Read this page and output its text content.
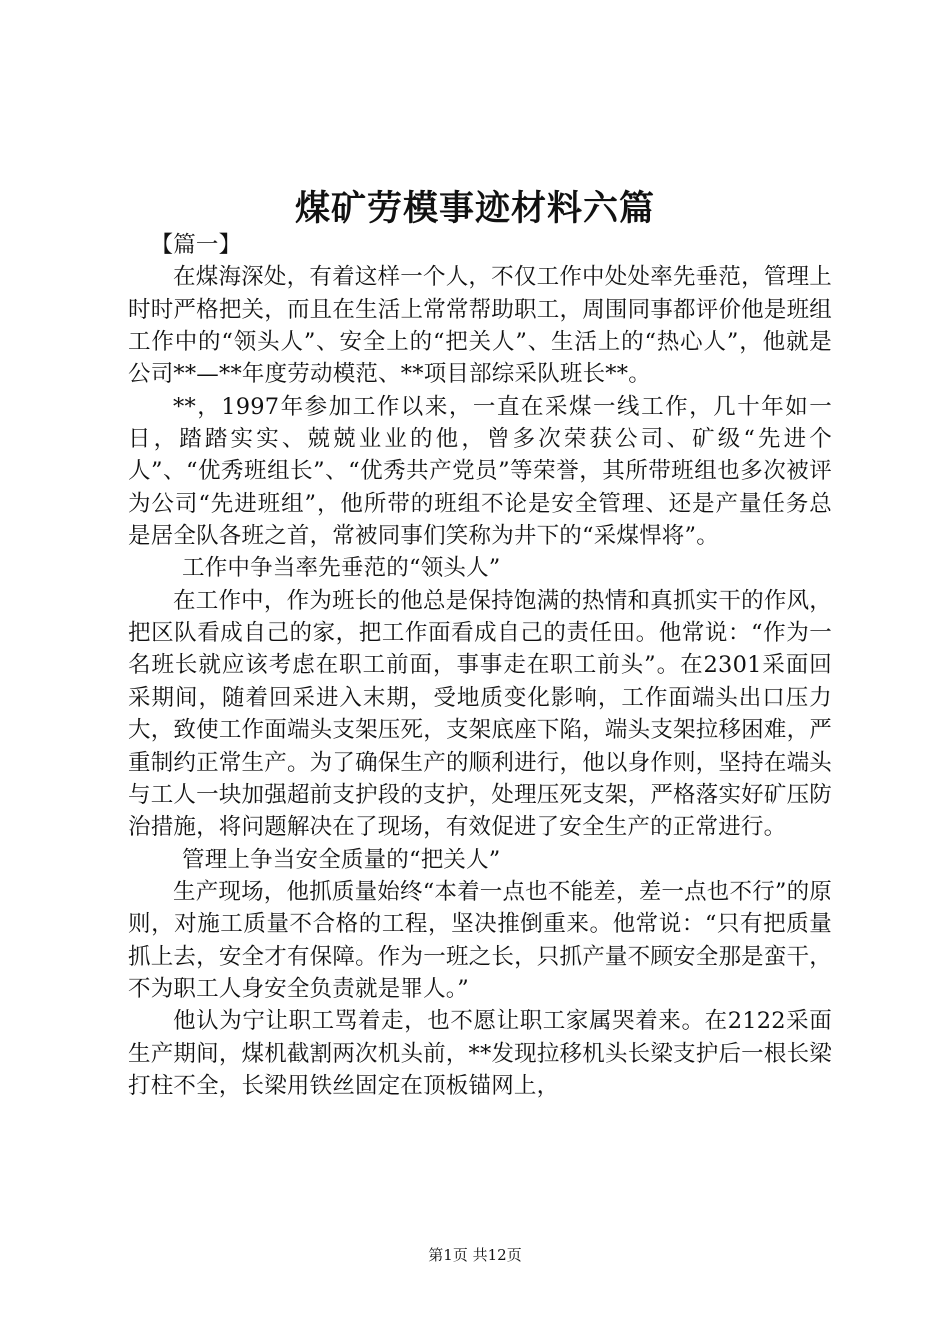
煤矿劳模事迹材料六篇

【篇一】

在煤海深处，有着这样一个人，不仅工作中处处率先垂范，管理上时时严格把关，而且在生活上常常帮助职工，周围同事都评价他是班组工作中的“领头人”、安全上的“把关人”、生活上的“热心人”，他就是公司**—**年度劳动模范、**项目部综采队班长**。

**，1997年参加工作以来，一直在采煤一线工作，几十年如一日，踏踏实实、兢兢业业的他，曾多次荣获公司、矿级“先进个人”、“优秀班组长”、“优秀共产党员”等荣誉，其所带班组也多次被评为公司“先进班组”，他所带的班组不论是安全管理、还是产量任务总是居全队各班之首，常被同事们笑称为井下的“采煤悍将”。

工作中争当率先垂范的“领头人”

在工作中，作为班长的他总是保持饱满的热情和真抓实干的作风，把区队看成自己的家，把工作面看成自己的责任田。他常说：“作为一名班长就应该考虑在职工前面，事事走在职工前头”。在2301采面回采期间，随着回采进入末期，受地质变化影响，工作面端头出口压力大，致使工作面端头支架压死，支架底座下陷，端头支架拉移困难，严重制约正常生产。为了确保生产的顺利进行，他以身作则，坚持在端头与工人一块加强超前支护段的支护，处理压死支架，严格落实好矿压防治措施，将问题解决在了现场，有效促进了安全生产的正常进行。

管理上争当安全质量的“把关人”

生产现场，他抓质量始终“本着一点也不能差，差一点也不行”的原则，对施工质量不合格的工程，坚决推倒重来。他常说：“只有把质量抓上去，安全才有保障。作为一班之长，只抓产量不顾安全那是蛮干，不为职工人身安全负责就是罪人。”

他认为宁让职工骂着走，也不愿让职工家属哭着来。在2122采面生产期间，煤机截割两次机头前，**发现拉移机头长梁支护后一根长梁打柱不全，长梁用铁丝固定在顶板锚网上，

第1页 共12页
